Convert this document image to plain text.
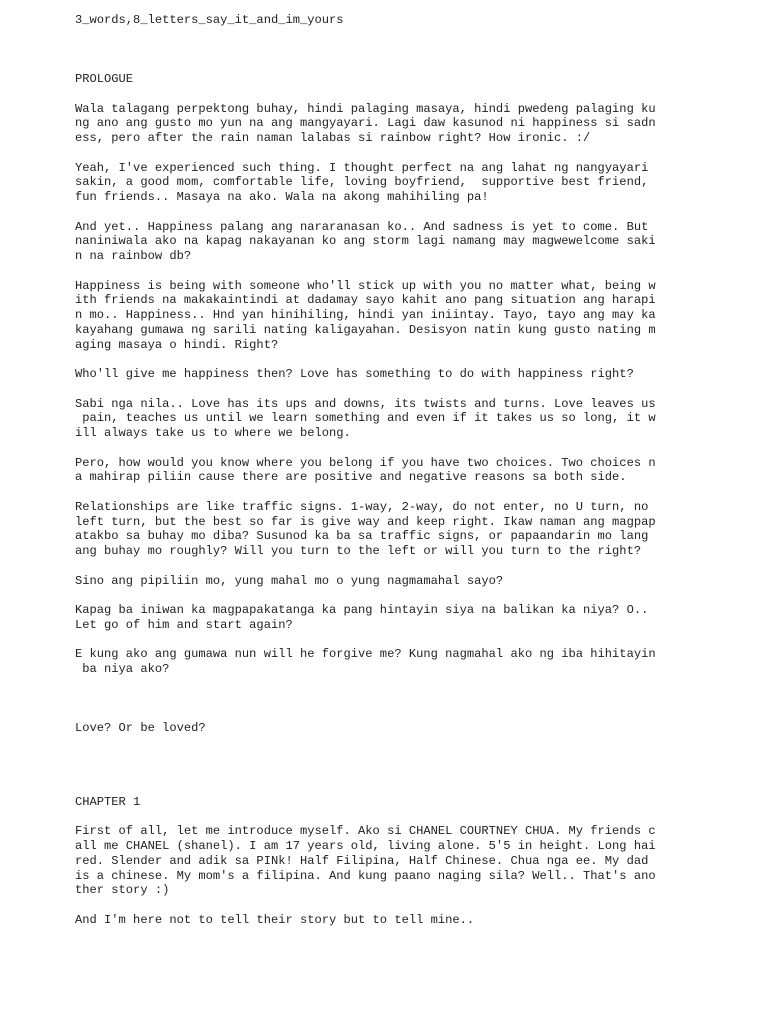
3_words,8_letters_say_it_and_im_yours
PROLOGUE
Wala talagang perpektong buhay, hindi palaging masaya, hindi pwedeng palaging ku
ng ano ang gusto mo yun na ang mangyayari. Lagi daw kasunod ni happiness si sadn
ess, pero after the rain naman lalabas si rainbow right? How ironic. :/
Yeah, I've experienced such thing. I thought perfect na ang lahat ng nangyayari
sakin, a good mom, comfortable life, loving boyfriend,  supportive best friend,
fun friends.. Masaya na ako. Wala na akong mahihiling pa!
And yet.. Happiness palang ang nararanasan ko.. And sadness is yet to come. But
naniniwala ako na kapag nakayanan ko ang storm lagi namang may magwewelcome saki
n na rainbow db?
Happiness is being with someone who'll stick up with you no matter what, being w
ith friends na makakaintindi at dadamay sayo kahit ano pang situation ang harapi
n mo.. Happiness.. Hnd yan hinihiling, hindi yan iniintay. Tayo, tayo ang may ka
kayahang gumawa ng sarili nating kaligayahan. Desisyon natin kung gusto nating m
aging masaya o hindi. Right?
Who'll give me happiness then? Love has something to do with happiness right?
Sabi nga nila.. Love has its ups and downs, its twists and turns. Love leaves us
pain, teaches us until we learn something and even if it takes us so long, it w
ill always take us to where we belong.
Pero, how would you know where you belong if you have two choices. Two choices n
a mahirap piliin cause there are positive and negative reasons sa both side.
Relationships are like traffic signs. 1-way, 2-way, do not enter, no U turn, no
left turn, but the best so far is give way and keep right. Ikaw naman ang magpap
atakbo sa buhay mo diba? Susunod ka ba sa traffic signs, or papaandarin mo lang
ang buhay mo roughly? Will you turn to the left or will you turn to the right?
Sino ang pipiliin mo, yung mahal mo o yung nagmamahal sayo?
Kapag ba iniwan ka magpapakatanga ka pang hintayin siya na balikan ka niya? O..
Let go of him and start again?
E kung ako ang gumawa nun will he forgive me? Kung nagmahal ako ng iba hihitayin
ba niya ako?
Love? Or be loved?
CHAPTER 1
First of all, let me introduce myself. Ako si CHANEL COURTNEY CHUA. My friends c
all me CHANEL (shanel). I am 17 years old, living alone. 5'5 in height. Long hai
red. Slender and adik sa PINk! Half Filipina, Half Chinese. Chua nga ee. My dad
is a chinese. My mom's a filipina. And kung paano naging sila? Well.. That's ano
ther story :)
And I'm here not to tell their story but to tell mine..
